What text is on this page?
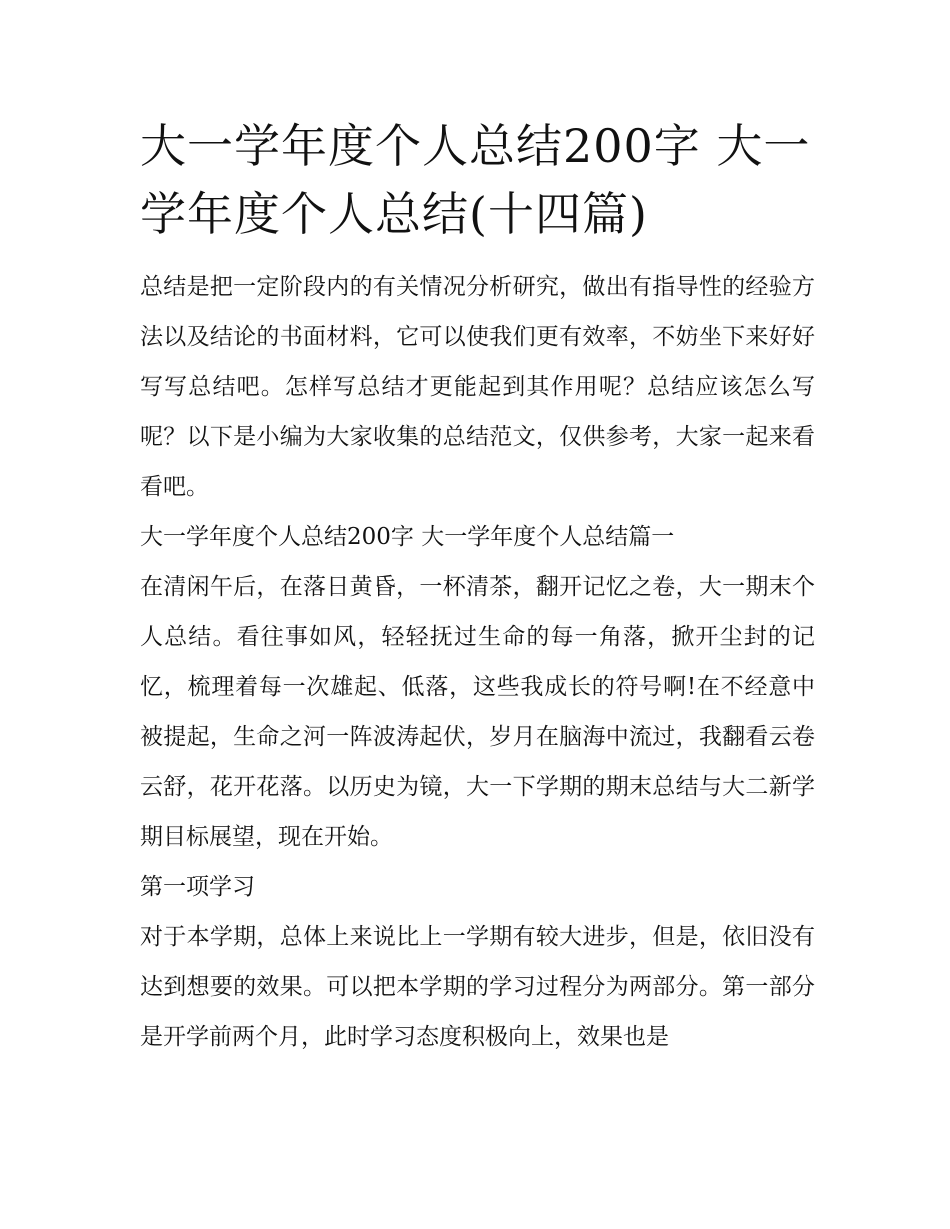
大一学年度个人总结200字 大一学年度个人总结(十四篇)

总结是把一定阶段内的有关情况分析研究，做出有指导性的经验方法以及结论的书面材料，它可以使我们更有效率，不妨坐下来好好写写总结吧。怎样写总结才更能起到其作用呢？总结应该怎么写呢？以下是小编为大家收集的总结范文，仅供参考，大家一起来看看吧。

大一学年度个人总结200字 大一学年度个人总结篇一

在清闲午后，在落日黄昏，一杯清茶，翻开记忆之卷，大一期末个人总结。看往事如风，轻轻抚过生命的每一角落，掀开尘封的记忆，梳理着每一次雄起、低落，这些我成长的符号啊!在不经意中被提起，生命之河一阵波涛起伏，岁月在脑海中流过，我翻看云卷云舒，花开花落。以历史为镜，大一下学期的期末总结与大二新学期目标展望，现在开始。

第一项学习

对于本学期，总体上来说比上一学期有较大进步，但是，依旧没有达到想要的效果。可以把本学期的学习过程分为两部分。第一部分是开学前两个月，此时学习态度积极向上，效果也是
